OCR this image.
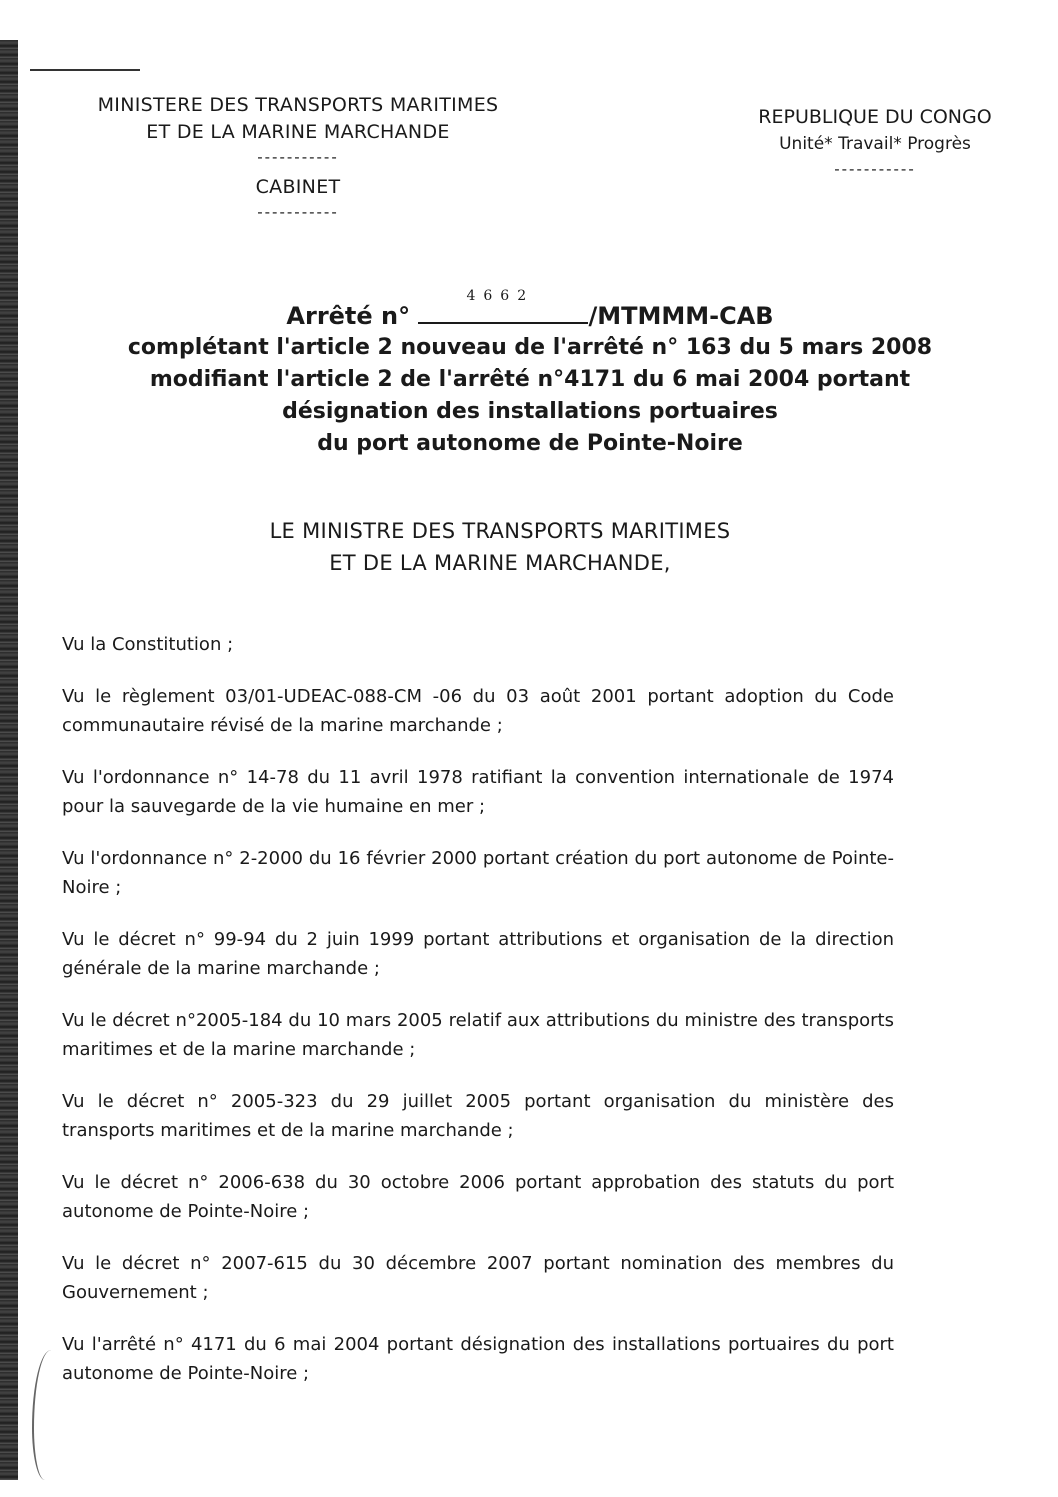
MINISTERE DES TRANSPORTS MARITIMES
ET DE LA MARINE MARCHANDE
-----------
CABINET
-----------
REPUBLIQUE DU CONGO
Unité* Travail* Progrès
-----------
Arrêté n°
4662
/MTMMM-CAB
complétant l'article 2 nouveau de l'arrêté n° 163 du 5 mars 2008
modifiant l'article 2 de l'arrêté n°4171 du 6 mai 2004 portant
désignation des installations portuaires
du port autonome de Pointe-Noire
LE MINISTRE DES TRANSPORTS MARITIMES
ET DE LA MARINE MARCHANDE,

Vu la Constitution ;

Vu le règlement 03/01-UDEAC-088-CM -06 du 03 août 2001 portant adoption du Code communautaire révisé de la marine marchande ;

Vu l'ordonnance n° 14-78 du 11 avril 1978 ratifiant la convention internationale de 1974 pour la sauvegarde de la vie humaine en mer ;

Vu l'ordonnance n° 2-2000 du 16 février 2000 portant création du port autonome de Pointe-Noire ;

Vu le décret n° 99-94 du 2 juin 1999 portant attributions et organisation de la direction générale de la marine marchande ;

Vu le décret n°2005-184 du 10 mars 2005 relatif aux attributions du ministre des transports maritimes et de la marine marchande ;

Vu le décret n° 2005-323 du 29 juillet 2005 portant organisation du ministère des transports maritimes et de la marine marchande ;

Vu le décret n° 2006-638 du 30 octobre 2006 portant approbation des statuts du port autonome de Pointe-Noire ;

Vu le décret n° 2007-615 du 30 décembre 2007 portant nomination des membres du Gouvernement ;

Vu l'arrêté n° 4171 du 6 mai 2004 portant désignation des installations portuaires du port autonome de Pointe-Noire ;
